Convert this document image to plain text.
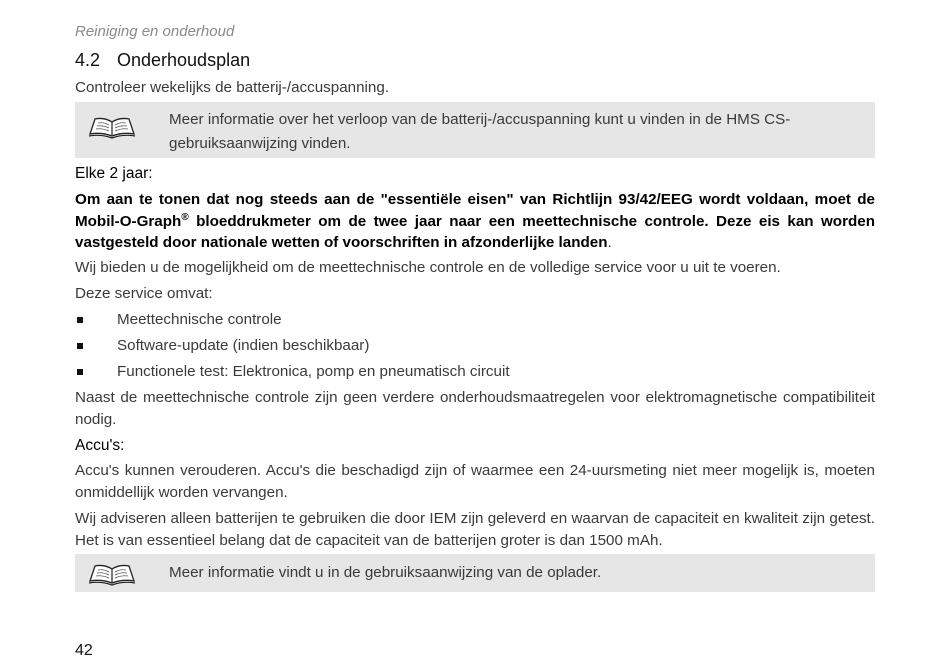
Reiniging en onderhoud

4.2 Onderhoudsplan

Controleer wekelijks de batterij-/accuspanning.

Meer informatie over het verloop van de batterij-/accuspanning kunt u vinden in de HMS CS-gebruiksaanwijzing vinden.

Elke 2 jaar:

Om aan te tonen dat nog steeds aan de "essentiële eisen" van Richtlijn 93/42/EEG wordt voldaan, moet de Mobil-O-Graph® bloeddrukmeter om de twee jaar naar een meettechnische controle. Deze eis kan worden vastgesteld door nationale wetten of voorschriften in afzonderlijke landen.

Wij bieden u de mogelijkheid om de meettechnische controle en de volledige service voor u uit te voeren.

Deze service omvat:

Meettechnische controle
Software-update (indien beschikbaar)
Functionele test: Elektronica, pomp en pneumatisch circuit

Naast de meettechnische controle zijn geen verdere onderhoudsmaatregelen voor elektromagnetische compatibiliteit nodig.

Accu's:

Accu's kunnen verouderen. Accu's die beschadigd zijn of waarmee een 24-uursmeting niet meer mogelijk is, moeten onmiddellijk worden vervangen.

Wij adviseren alleen batterijen te gebruiken die door IEM zijn geleverd en waarvan de capaciteit en kwaliteit zijn getest. Het is van essentieel belang dat de capaciteit van de batterijen groter is dan 1500 mAh.

Meer informatie vindt u in de gebruiksaanwijzing van de oplader.

42
